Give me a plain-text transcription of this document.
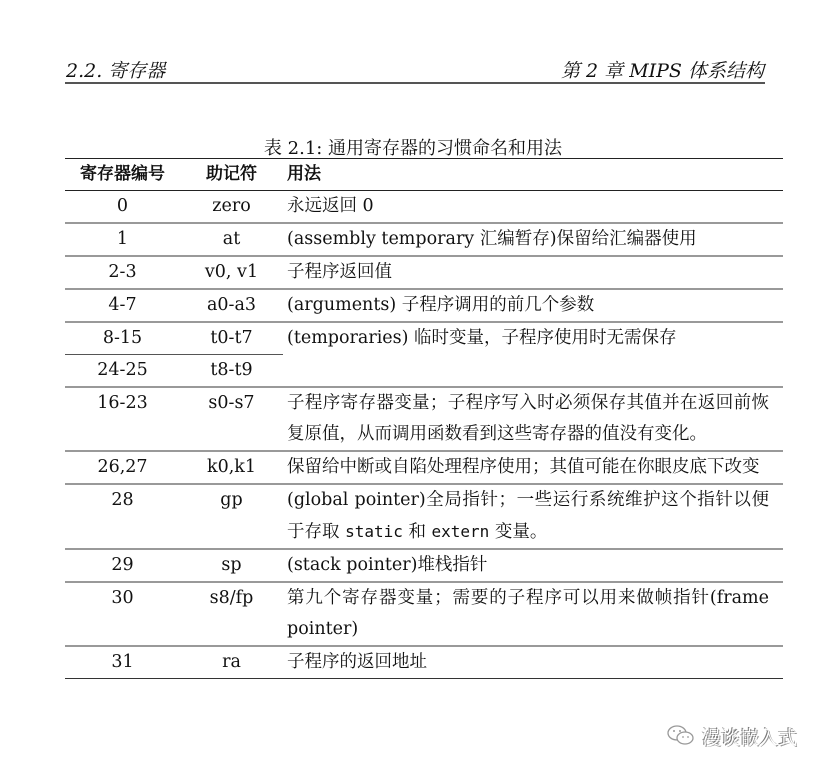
2.2. 寄存器	第 2 章 MIPS 体系结构
表 2.1: 通用寄存器的习惯命名和用法
寄存器编号	助记符	用法
0	zero	永远返回 0
1	at	(assembly temporary 汇编暂存)保留给汇编器使用
2-3	v0, v1	子程序返回值
4-7	a0-a3	(arguments) 子程序调用的前几个参数
8-15	t0-t7	(temporaries) 临时变量，子程序使用时无需保存
24-25	t8-t9	
16-23	s0-s7	子程序寄存器变量；子程序写入时必须保存其值并在返回前恢复原值，从而调用函数看到这些寄存器的值没有变化。
26,27	k0,k1	保留给中断或自陷处理程序使用；其值可能在你眼皮底下改变
28	gp	(global pointer)全局指针；一些运行系统维护这个指针以便于存取 static 和 extern 变量。
29	sp	(stack pointer)堆栈指针
30	s8/fp	第九个寄存器变量；需要的子程序可以用来做帧指针(frame pointer)
31	ra	子程序的返回地址
漫谈嵌入式
